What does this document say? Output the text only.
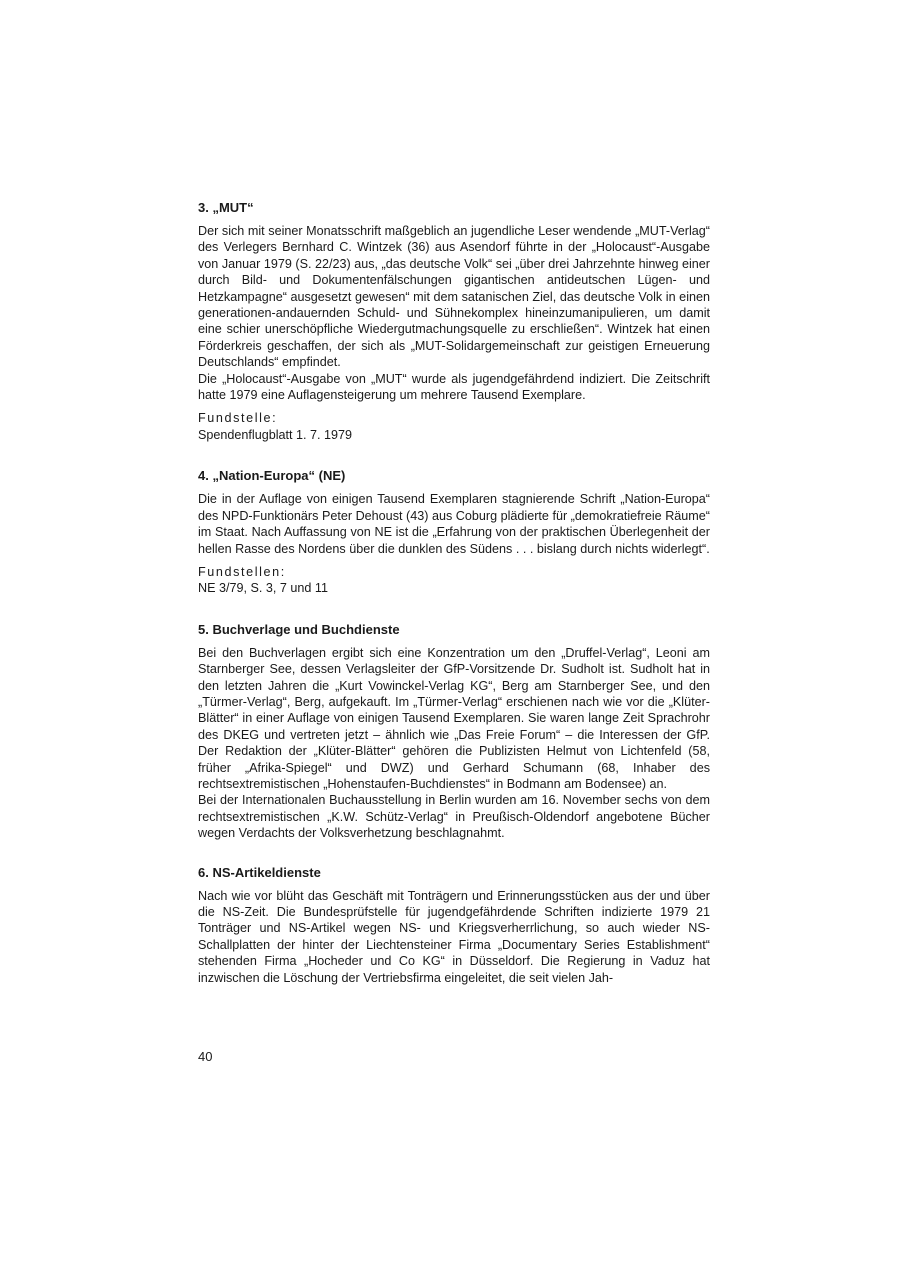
3. „MUT“

Der sich mit seiner Monatsschrift maßgeblich an jugendliche Leser wendende „MUT-Verlag“ des Verlegers Bernhard C. Wintzek (36) aus Asendorf führte in der „Holocaust“-Ausgabe von Januar 1979 (S. 22/23) aus, „das deutsche Volk“ sei „über drei Jahrzehnte hinweg einer durch Bild- und Dokumentenfälschungen gigantischen antideutschen Lügen- und Hetzkampagne“ ausgesetzt gewesen“ mit dem satanischen Ziel, das deutsche Volk in einen generationen-andauernden Schuld- und Sühnekomplex hineinzumanipulieren, um damit eine schier unerschöpfliche Wiedergutmachungsquelle zu erschließen“. Wintzek hat einen Förderkreis geschaffen, der sich als „MUT-Solidargemeinschaft zur geistigen Erneuerung Deutschlands“ empfindet.

Die „Holocaust“-Ausgabe von „MUT“ wurde als jugendgefährdend indiziert. Die Zeitschrift hatte 1979 eine Auflagensteigerung um mehrere Tausend Exemplare.

Fundstelle:
Spendenflugblatt 1. 7. 1979
4. „Nation-Europa“ (NE)

Die in der Auflage von einigen Tausend Exemplaren stagnierende Schrift „Nation-Europa“ des NPD-Funktionärs Peter Dehoust (43) aus Coburg plädierte für „demokratiefreie Räume“ im Staat. Nach Auffassung von NE ist die „Erfahrung von der praktischen Überlegenheit der hellen Rasse des Nordens über die dunklen des Südens . . . bislang durch nichts widerlegt“.

Fundstellen:
NE 3/79, S. 3, 7 und 11
5. Buchverlage und Buchdienste

Bei den Buchverlagen ergibt sich eine Konzentration um den „Druffel-Verlag“, Leoni am Starnberger See, dessen Verlagsleiter der GfP-Vorsitzende Dr. Sudholt ist. Sudholt hat in den letzten Jahren die „Kurt Vowinckel-Verlag KG“, Berg am Starnberger See, und den „Türmer-Verlag“, Berg, aufgekauft. Im „Türmer-Verlag“ erschienen nach wie vor die „Klüter-Blätter“ in einer Auflage von einigen Tausend Exemplaren. Sie waren lange Zeit Sprachrohr des DKEG und vertreten jetzt – ähnlich wie „Das Freie Forum“ – die Interessen der GfP. Der Redaktion der „Klüter-Blätter“ gehören die Publizisten Helmut von Lichtenfeld (58, früher „Afrika-Spiegel“ und DWZ) und Gerhard Schumann (68, Inhaber des rechtsextremistischen „Hohenstaufen-Buchdienstes“ in Bodmann am Bodensee) an.

Bei der Internationalen Buchausstellung in Berlin wurden am 16. November sechs von dem rechtsextremistischen „K.W. Schütz-Verlag“ in Preußisch-Oldendorf angebotene Bücher wegen Verdachts der Volksverhetzung beschlagnahmt.

6. NS-Artikeldienste

Nach wie vor blüht das Geschäft mit Tonträgern und Erinnerungsstücken aus der und über die NS-Zeit. Die Bundesprüfstelle für jugendgefährdende Schriften indizierte 1979 21 Tonträger und NS-Artikel wegen NS- und Kriegsverherrlichung, so auch wieder NS-Schallplatten der hinter der Liechtensteiner Firma „Documentary Series Establishment“ stehenden Firma „Hocheder und Co KG“ in Düsseldorf. Die Regierung in Vaduz hat inzwischen die Löschung der Vertriebsfirma eingeleitet, die seit vielen Jah-

40
